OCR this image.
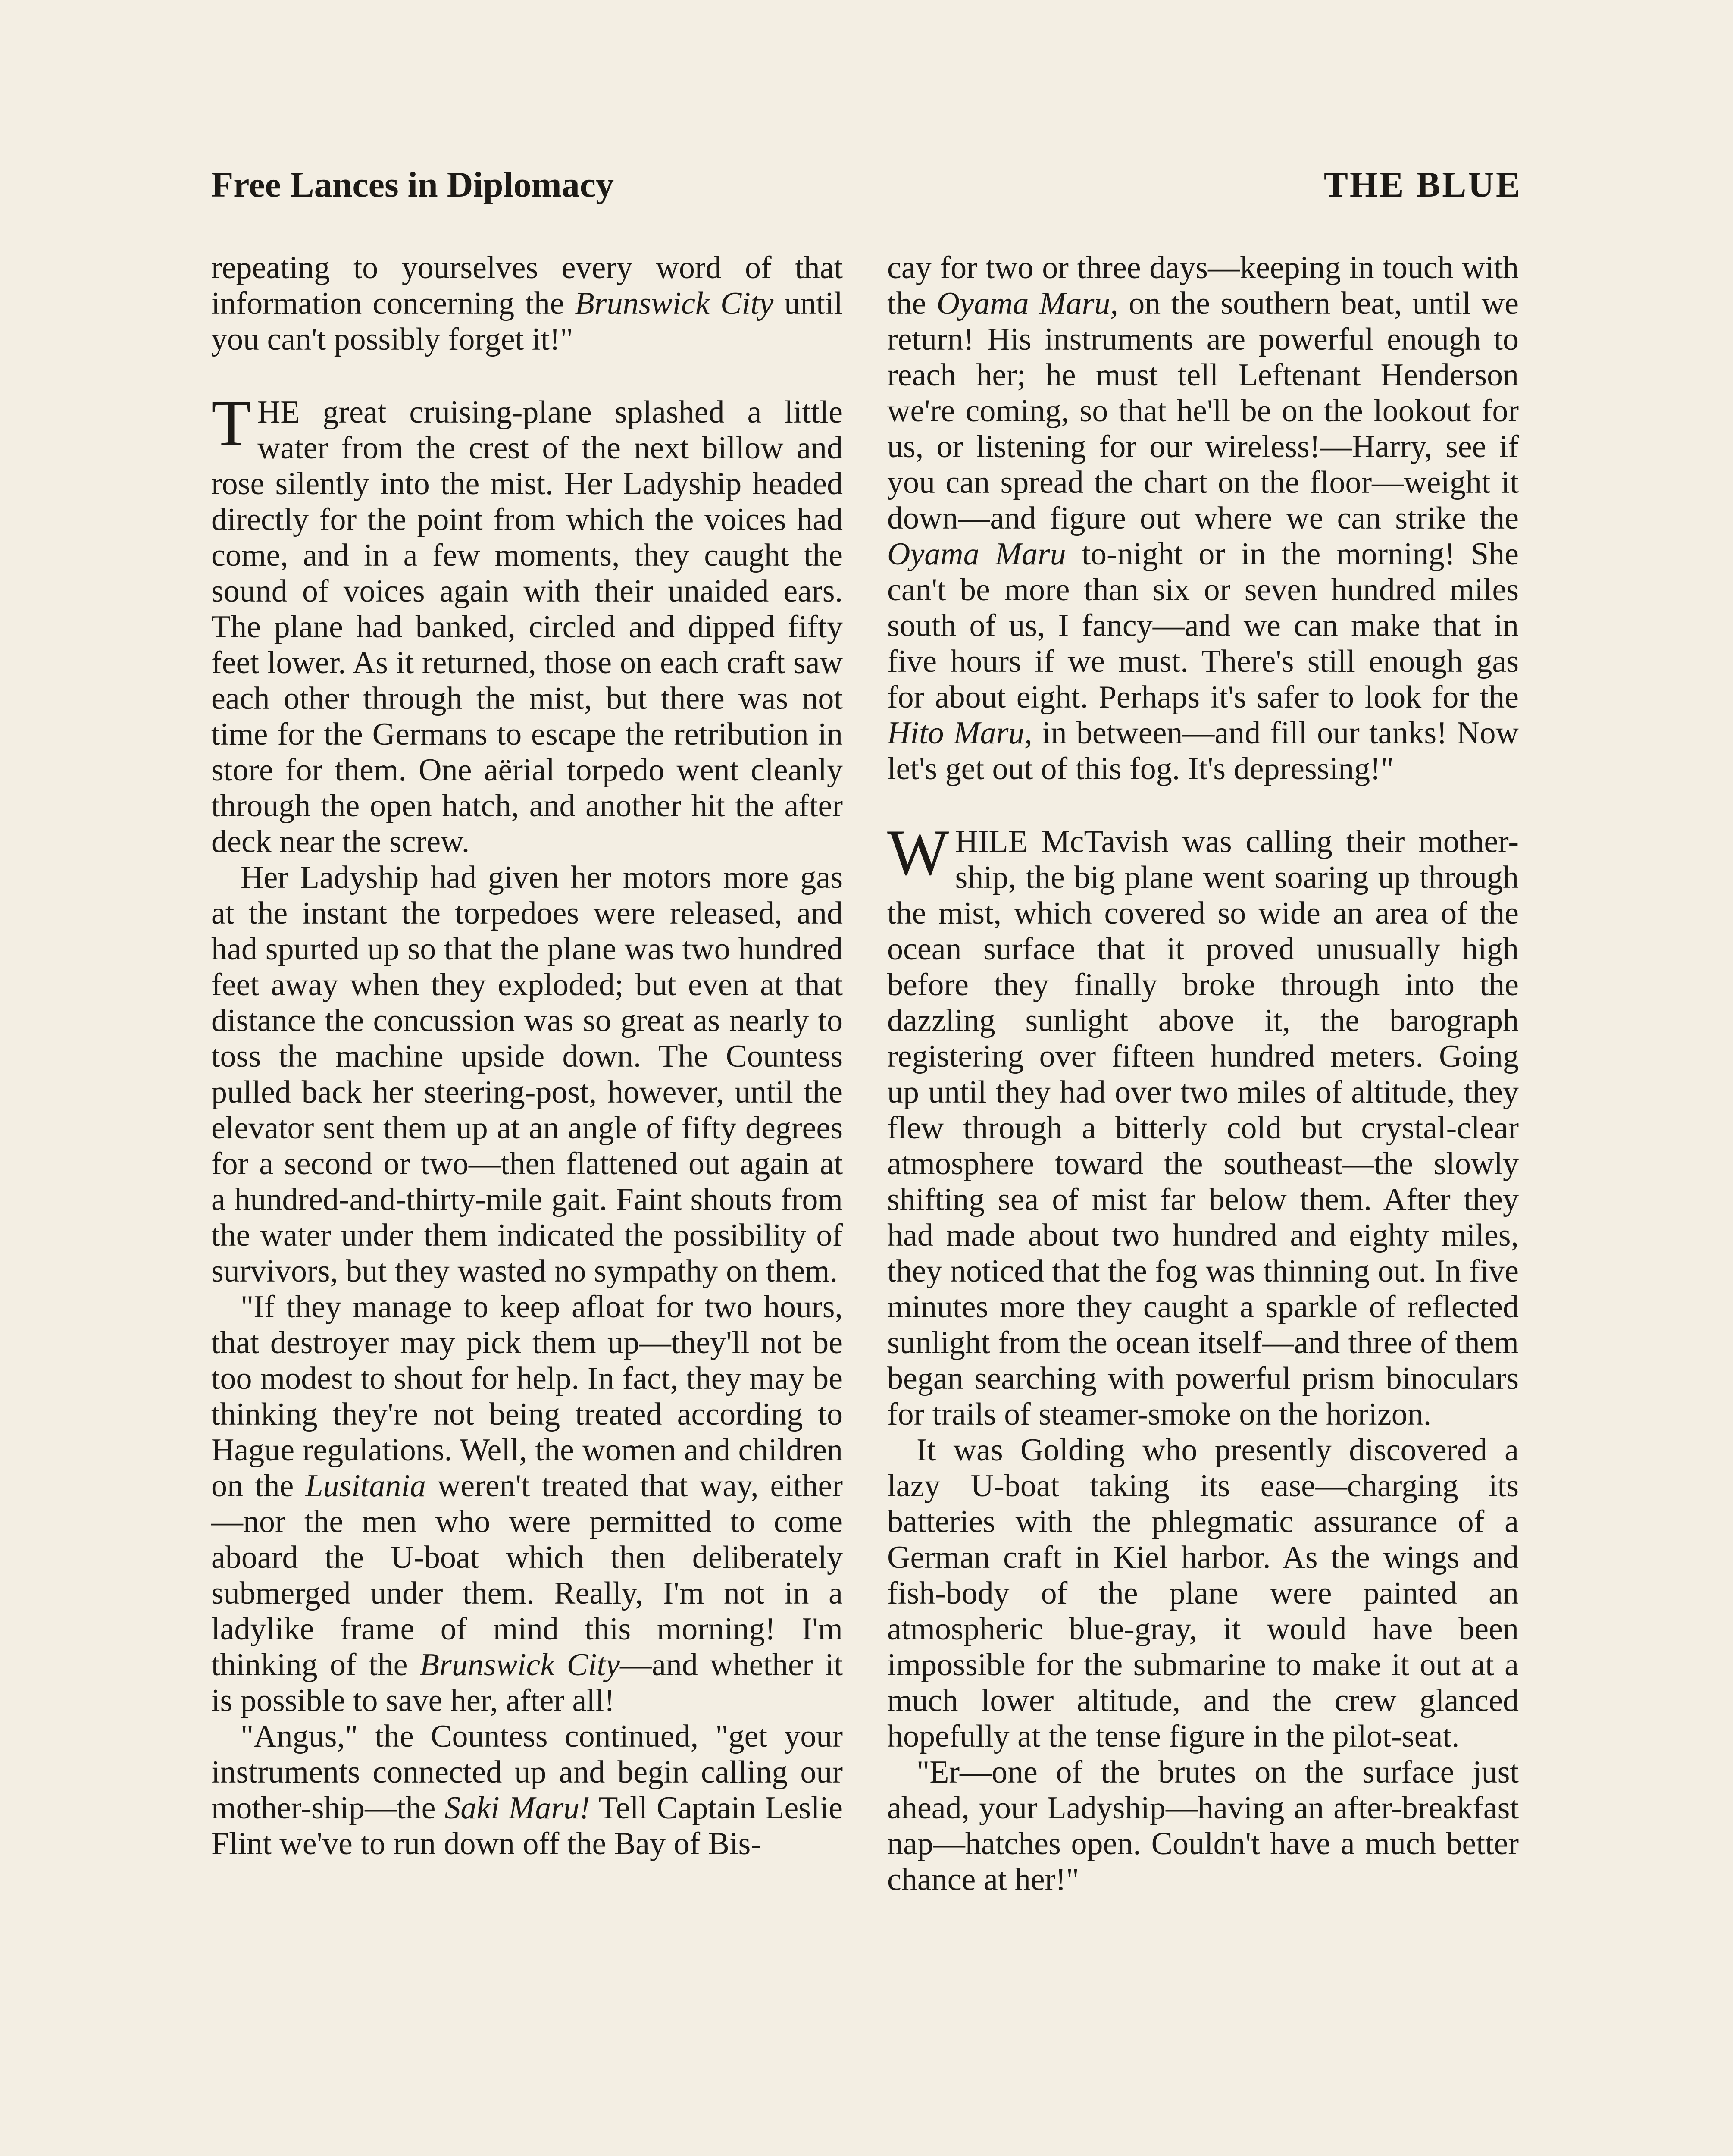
Free Lances in Diplomacy	THE BLUE

repeating to yourselves every word of that information concerning the Brunswick City until you can't possibly forget it!"

THE great cruising-plane splashed a little water from the crest of the next billow and rose silently into the mist. Her Ladyship headed directly for the point from which the voices had come, and in a few moments, they caught the sound of voices again with their unaided ears. The plane had banked, circled and dipped fifty feet lower. As it returned, those on each craft saw each other through the mist, but there was not time for the Germans to escape the retribution in store for them. One aërial torpedo went cleanly through the open hatch, and another hit the after deck near the screw.

Her Ladyship had given her motors more gas at the instant the torpedoes were released, and had spurted up so that the plane was two hundred feet away when they exploded; but even at that distance the concussion was so great as nearly to toss the machine upside down. The Countess pulled back her steering-post, however, until the elevator sent them up at an angle of fifty degrees for a second or two—then flattened out again at a hundred-and-thirty-mile gait. Faint shouts from the water under them indicated the possibility of survivors, but they wasted no sympathy on them.

"If they manage to keep afloat for two hours, that destroyer may pick them up—they'll not be too modest to shout for help. In fact, they may be thinking they're not being treated according to Hague regulations. Well, the women and children on the Lusitania weren't treated that way, either—nor the men who were permitted to come aboard the U-boat which then deliberately submerged under them. Really, I'm not in a ladylike frame of mind this morning! I'm thinking of the Brunswick City—and whether it is possible to save her, after all!

"Angus," the Countess continued, "get your instruments connected up and begin calling our mother-ship—the Saki Maru! Tell Captain Leslie Flint we've to run down off the Bay of Bis-

cay for two or three days—keeping in touch with the Oyama Maru, on the southern beat, until we return! His instruments are powerful enough to reach her; he must tell Leftenant Henderson we're coming, so that he'll be on the lookout for us, or listening for our wireless!—Harry, see if you can spread the chart on the floor—weight it down—and figure out where we can strike the Oyama Maru to-night or in the morning! She can't be more than six or seven hundred miles south of us, I fancy—and we can make that in five hours if we must. There's still enough gas for about eight. Perhaps it's safer to look for the Hito Maru, in between—and fill our tanks! Now let's get out of this fog. It's depressing!"

WHILE McTavish was calling their mother-ship, the big plane went soaring up through the mist, which covered so wide an area of the ocean surface that it proved unusually high before they finally broke through into the dazzling sunlight above it, the barograph registering over fifteen hundred meters. Going up until they had over two miles of altitude, they flew through a bitterly cold but crystal-clear atmosphere toward the southeast—the slowly shifting sea of mist far below them. After they had made about two hundred and eighty miles, they noticed that the fog was thinning out. In five minutes more they caught a sparkle of reflected sunlight from the ocean itself—and three of them began searching with powerful prism binoculars for trails of steamer-smoke on the horizon.

It was Golding who presently discovered a lazy U-boat taking its ease—charging its batteries with the phlegmatic assurance of a German craft in Kiel harbor. As the wings and fish-body of the plane were painted an atmospheric blue-gray, it would have been impossible for the submarine to make it out at a much lower altitude, and the crew glanced hopefully at the tense figure in the pilot-seat.

"Er—one of the brutes on the surface just ahead, your Ladyship—having an after-breakfast nap—hatches open. Couldn't have a much better chance at her!"
